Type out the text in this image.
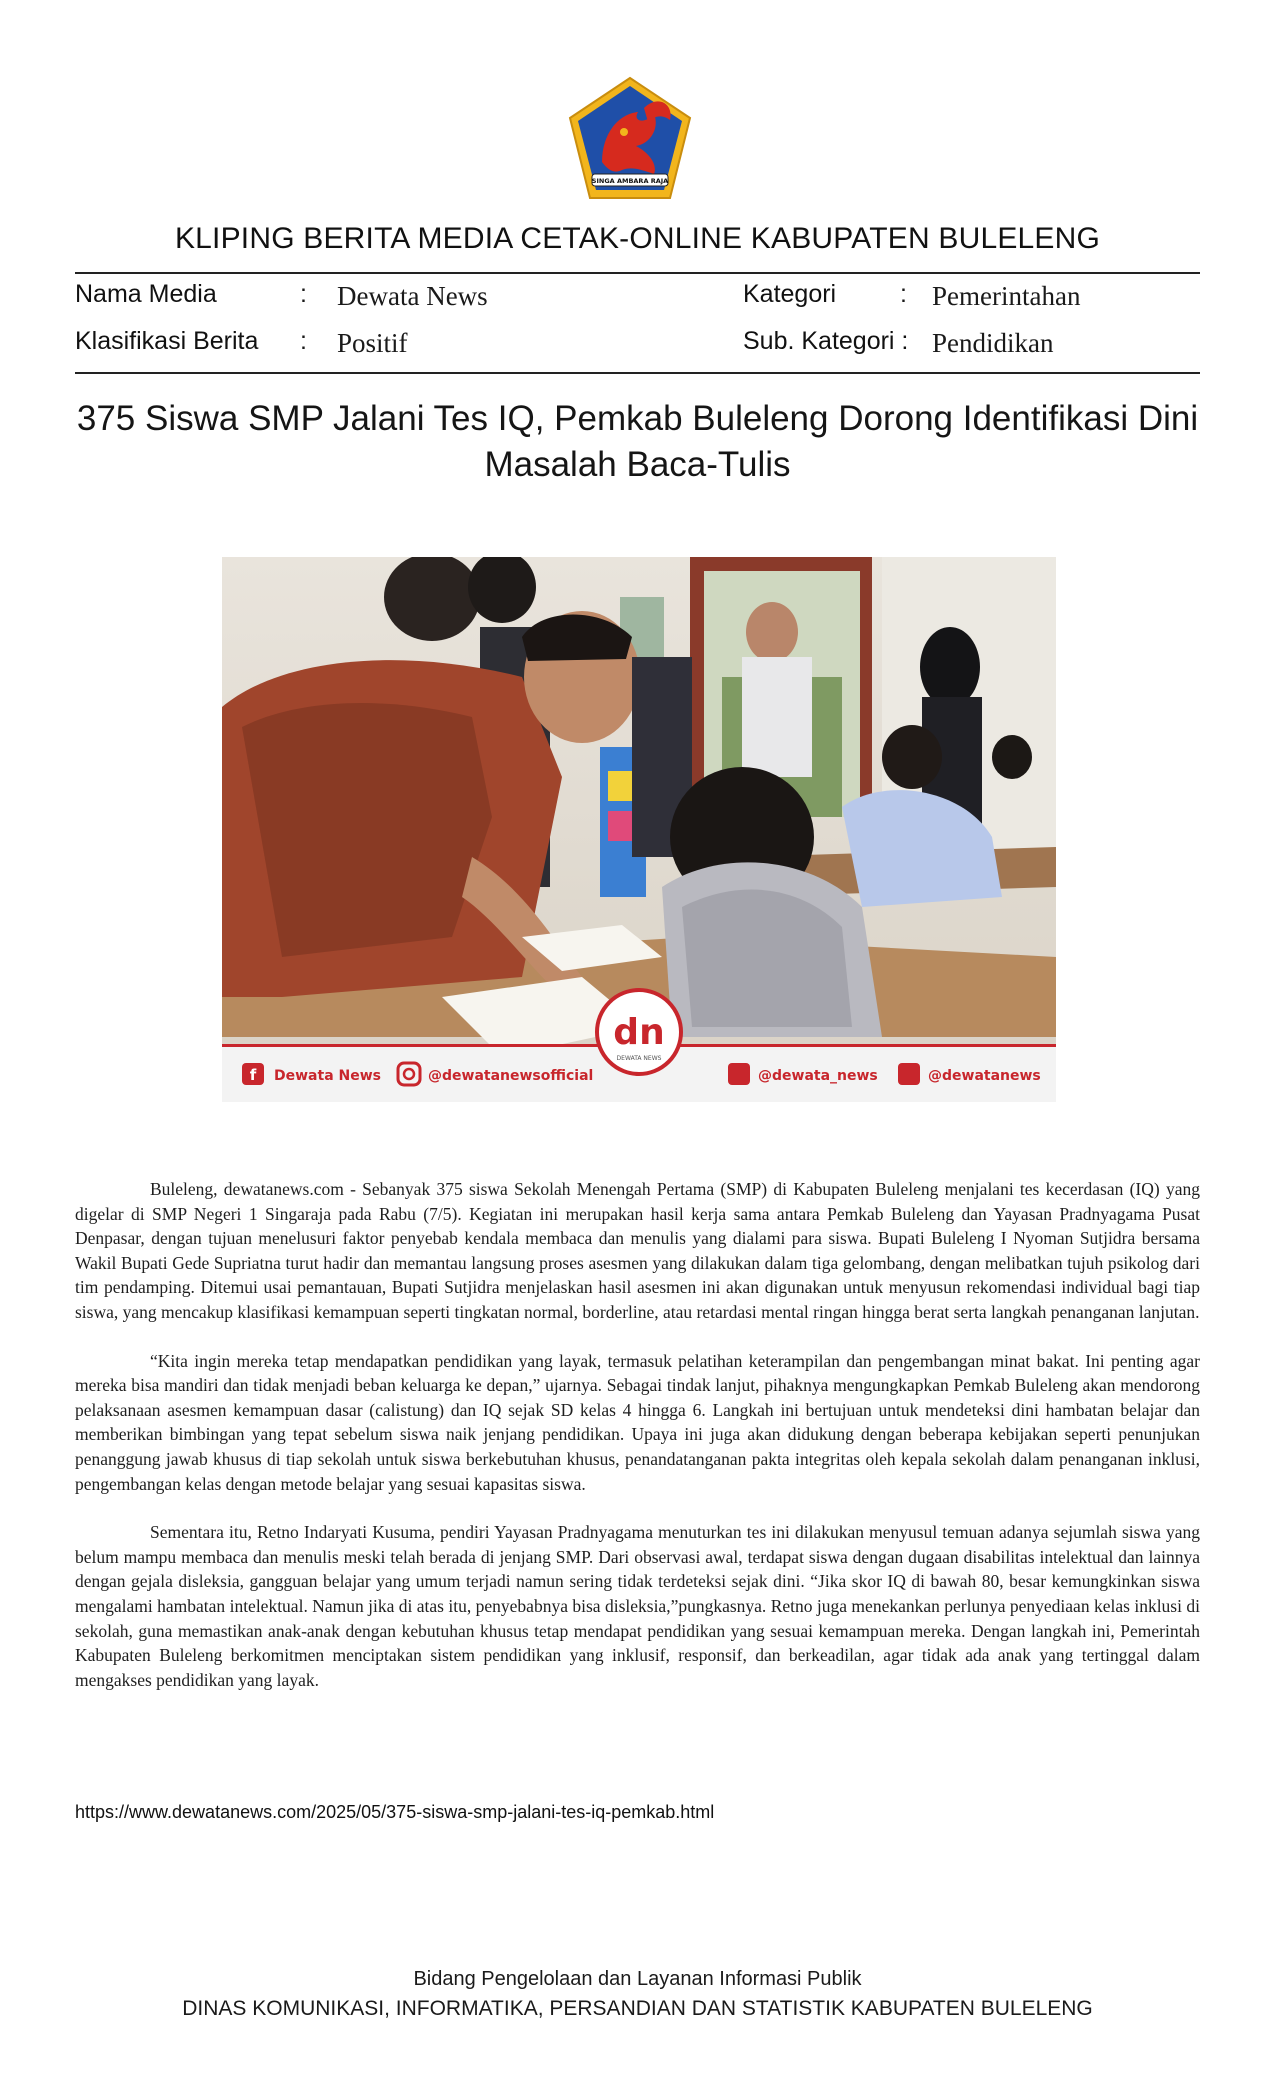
SINGA AMBARA RAJA
KLIPING BERITA MEDIA CETAK-ONLINE KABUPATEN BULELENG
Nama Media	: Dewata News	Kategori	: Pemerintahan
Klasifikasi Berita : Positif	Sub. Kategori : Pendidikan
375 Siswa SMP Jalani Tes IQ, Pemkab Buleleng Dorong Identifikasi Dini
Masalah Baca-Tulis
f Dewata News	@dewatanewsofficial
dn
DEWATA NEWS
@dewata_news	@dewatanews

Buleleng, dewatanews.com - Sebanyak 375 siswa Sekolah Menengah Pertama (SMP) di Kabupaten Buleleng menjalani tes kecerdasan (IQ) yang digelar di SMP Negeri 1 Singaraja pada Rabu (7/5). Kegiatan ini merupakan hasil kerja sama antara Pemkab Buleleng dan Yayasan Pradnyagama Pusat Denpasar, dengan tujuan menelusuri faktor penyebab kendala membaca dan menulis yang dialami para siswa. Bupati Buleleng I Nyoman Sutjidra bersama Wakil Bupati Gede Supriatna turut hadir dan memantau langsung proses asesmen yang dilakukan dalam tiga gelombang, dengan melibatkan tujuh psikolog dari tim pendamping. Ditemui usai pemantauan, Bupati Sutjidra menjelaskan hasil asesmen ini akan digunakan untuk menyusun rekomendasi individual bagi tiap siswa, yang mencakup klasifikasi kemampuan seperti tingkatan normal, borderline, atau retardasi mental ringan hingga berat serta langkah penanganan lanjutan.

“Kita ingin mereka tetap mendapatkan pendidikan yang layak, termasuk pelatihan keterampilan dan pengembangan minat bakat. Ini penting agar mereka bisa mandiri dan tidak menjadi beban keluarga ke depan,” ujarnya. Sebagai tindak lanjut, pihaknya mengungkapkan Pemkab Buleleng akan mendorong pelaksanaan asesmen kemampuan dasar (calistung) dan IQ sejak SD kelas 4 hingga 6. Langkah ini bertujuan untuk mendeteksi dini hambatan belajar dan memberikan bimbingan yang tepat sebelum siswa naik jenjang pendidikan. Upaya ini juga akan didukung dengan beberapa kebijakan seperti penunjukan penanggung jawab khusus di tiap sekolah untuk siswa berkebutuhan khusus, penandatanganan pakta integritas oleh kepala sekolah dalam penanganan inklusi, pengembangan kelas dengan metode belajar yang sesuai kapasitas siswa.

Sementara itu, Retno Indaryati Kusuma, pendiri Yayasan Pradnyagama menuturkan tes ini dilakukan menyusul temuan adanya sejumlah siswa yang belum mampu membaca dan menulis meski telah berada di jenjang SMP. Dari observasi awal, terdapat siswa dengan dugaan disabilitas intelektual dan lainnya dengan gejala disleksia, gangguan belajar yang umum terjadi namun sering tidak terdeteksi sejak dini. “Jika skor IQ di bawah 80, besar kemungkinkan siswa mengalami hambatan intelektual. Namun jika di atas itu, penyebabnya bisa disleksia,”pungkasnya. Retno juga menekankan perlunya penyediaan kelas inklusi di sekolah, guna memastikan anak-anak dengan kebutuhan khusus tetap mendapat pendidikan yang sesuai kemampuan mereka. Dengan langkah ini, Pemerintah Kabupaten Buleleng berkomitmen menciptakan sistem pendidikan yang inklusif, responsif, dan berkeadilan, agar tidak ada anak yang tertinggal dalam mengakses pendidikan yang layak.

https://www.dewatanews.com/2025/05/375-siswa-smp-jalani-tes-iq-pemkab.html
Bidang Pengelolaan dan Layanan Informasi Publik
DINAS KOMUNIKASI, INFORMATIKA, PERSANDIAN DAN STATISTIK KABUPATEN BULELENG
